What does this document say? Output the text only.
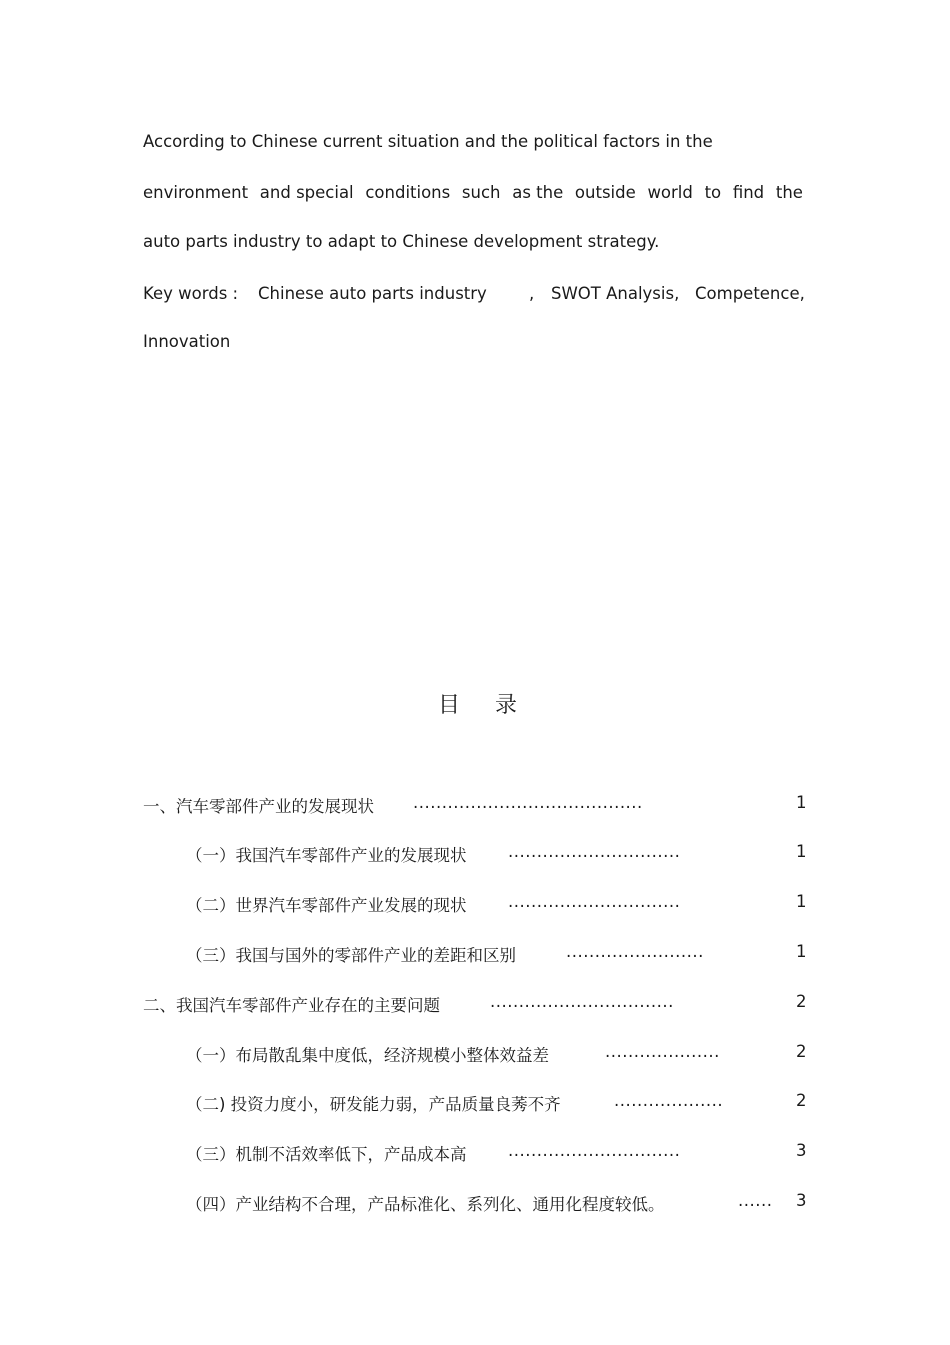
According to Chinese current situation and the political factors in the
environment and special conditions such as the outside world to find the
auto parts industry to adapt to Chinese development strategy.
Key words : Chinese auto parts industry	, SWOT Analysis, Competence,
Innovation
目 录
一、汽车零部件产业的发展现状 ........................................	1
（一）我国汽车零部件产业的发展现状	..............................	1
（二）世界汽车零部件产业发展的现状	..............................	1
（三）我国与国外的零部件产业的差距和区别	........................	1
二、我国汽车零部件产业存在的主要问题	................................	2
（一）布局散乱集中度低，经济规模小整体效益差	....................	2
（二) 投资力度小，研发能力弱，产品质量良莠不齐	...................	2
（三）机制不活效率低下，产品成本高	..............................	3
（四）产业结构不合理，产品标准化、系列化、通用化程度较低。	...... 3
